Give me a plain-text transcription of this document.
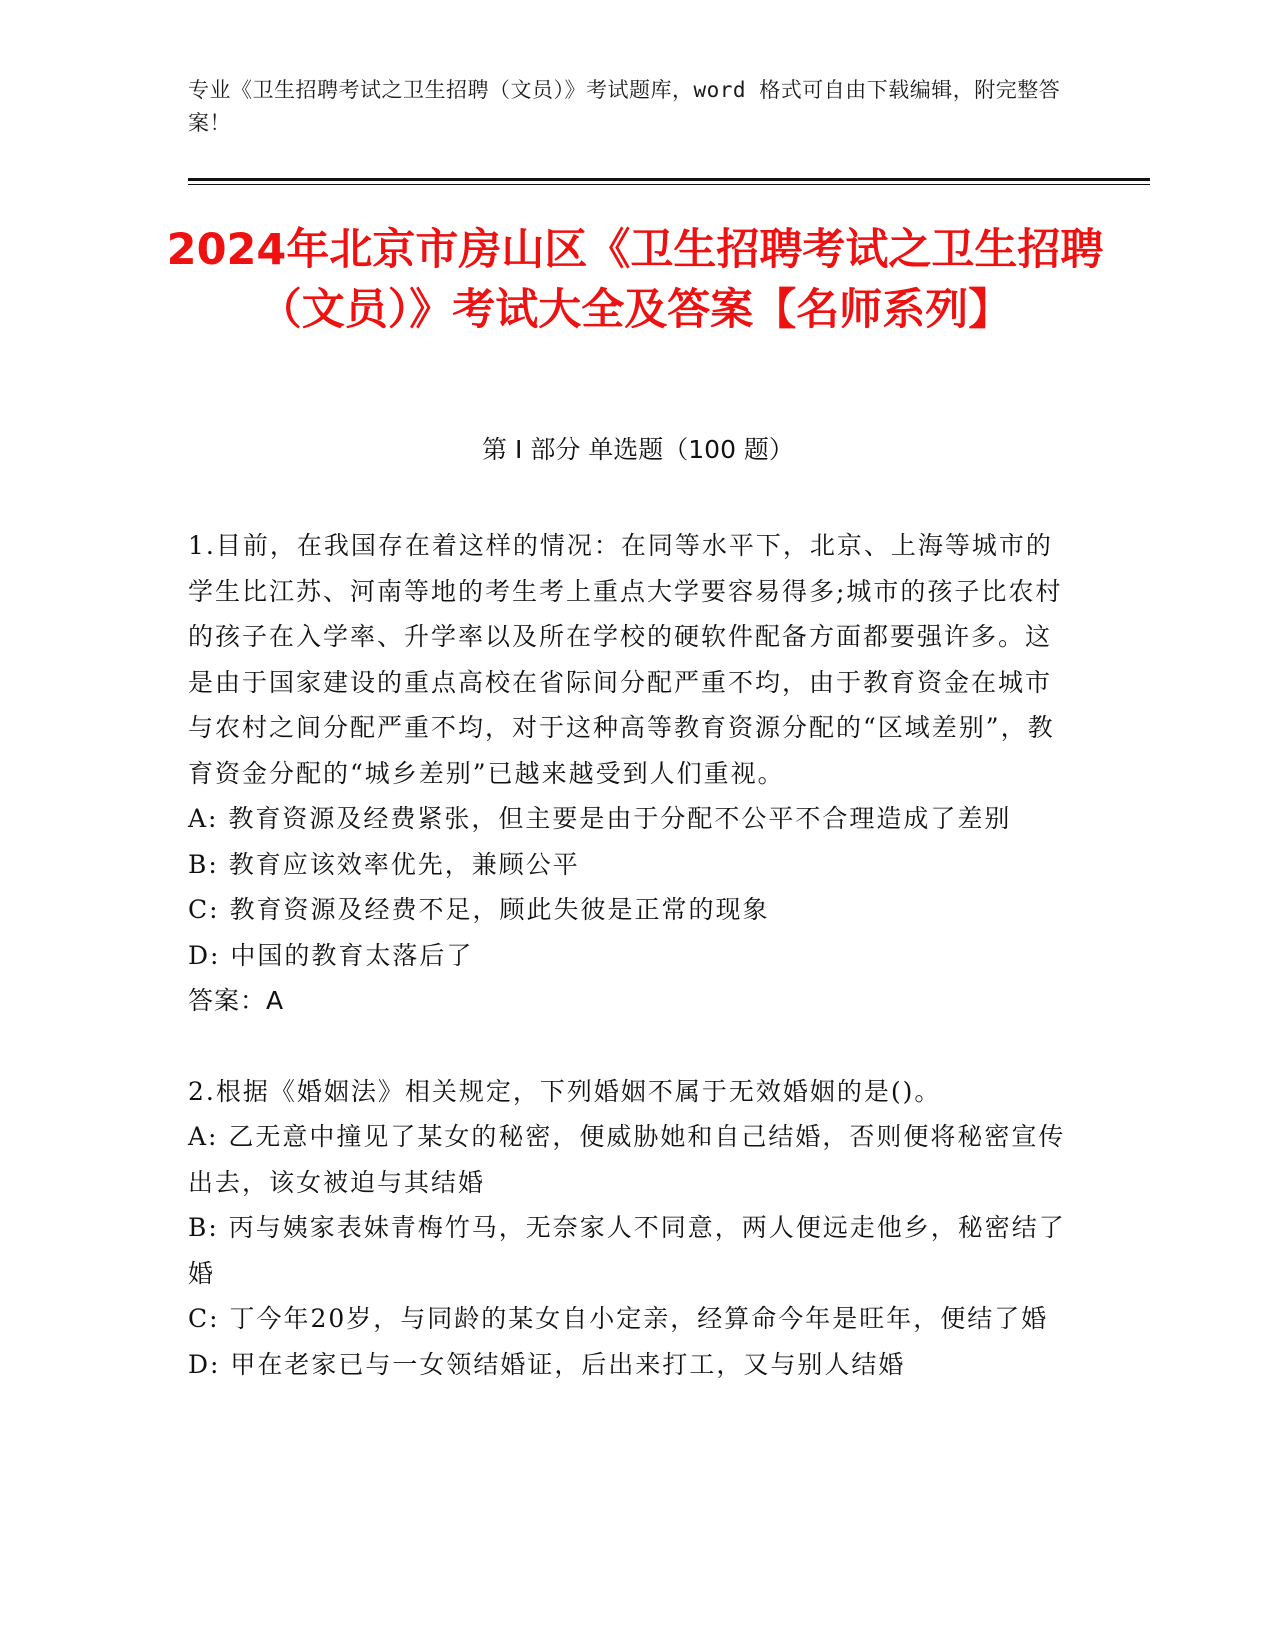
专业《卫生招聘考试之卫生招聘（文员）》考试题库，word 格式可自由下载编辑，附完整答案！
2024年北京市房山区《卫生招聘考试之卫生招聘（文员）》考试大全及答案【名师系列】
第 I 部分 单选题（100 题）

1.目前，在我国存在着这样的情况：在同等水平下，北京、上海等城市的学生比江苏、河南等地的考生考上重点大学要容易得多;城市的孩子比农村的孩子在入学率、升学率以及所在学校的硬软件配备方面都要强许多。这是由于国家建设的重点高校在省际间分配严重不均，由于教育资金在城市与农村之间分配严重不均，对于这种高等教育资源分配的“区域差别”，教育资金分配的“城乡差别”已越来越受到人们重视。

A: 教育资源及经费紧张，但主要是由于分配不公平不合理造成了差别

B: 教育应该效率优先，兼顾公平

C: 教育资源及经费不足，顾此失彼是正常的现象

D: 中国的教育太落后了

答案：A

2.根据《婚姻法》相关规定，下列婚姻不属于无效婚姻的是()。

A: 乙无意中撞见了某女的秘密，便威胁她和自己结婚，否则便将秘密宣传出去，该女被迫与其结婚

B: 丙与姨家表妹青梅竹马，无奈家人不同意，两人便远走他乡，秘密结了婚

C: 丁今年20岁，与同龄的某女自小定亲，经算命今年是旺年，便结了婚

D: 甲在老家已与一女领结婚证，后出来打工，又与别人结婚
